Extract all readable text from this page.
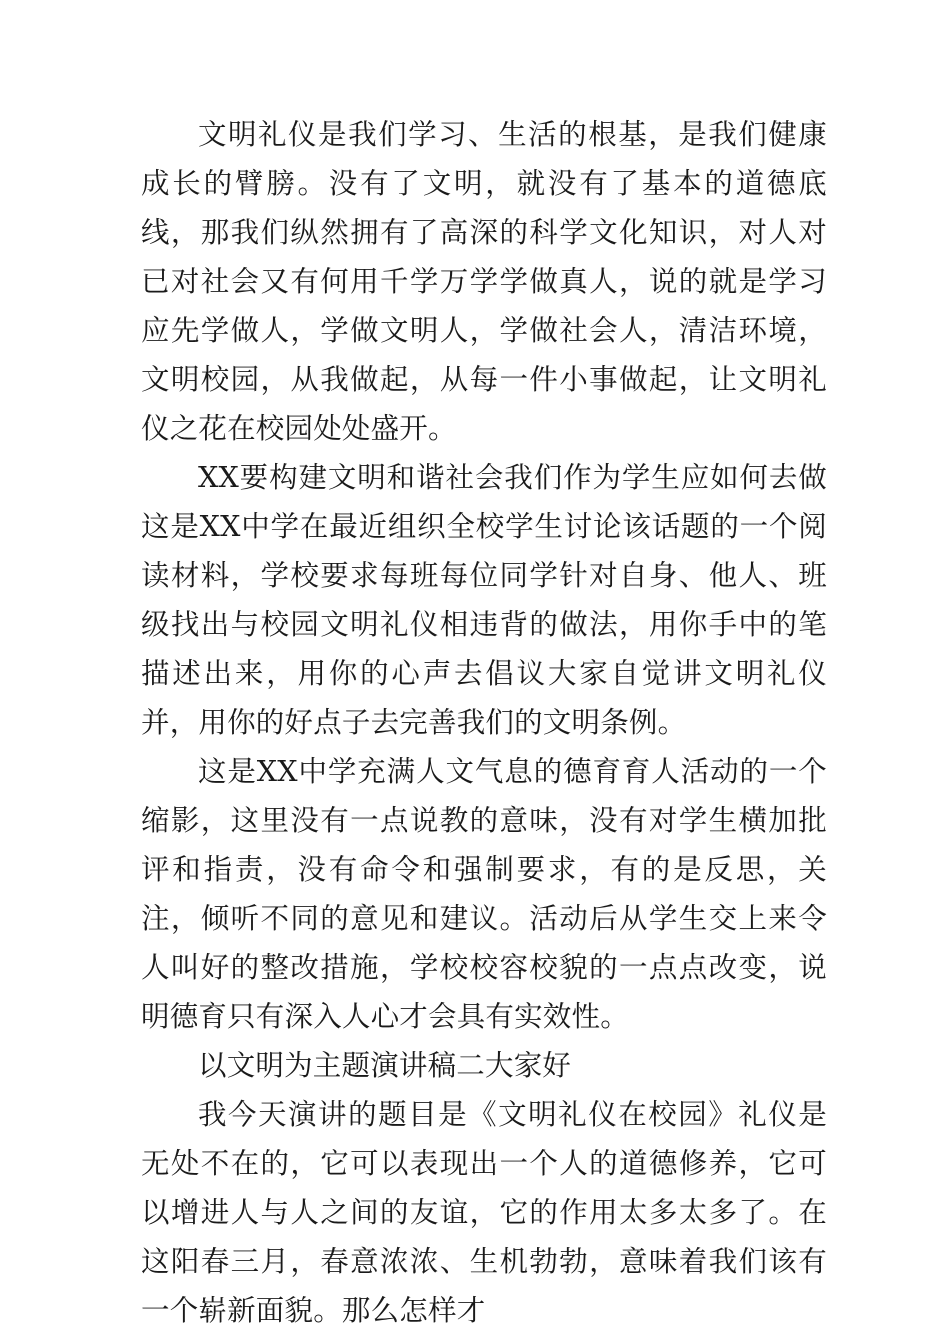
文明礼仪是我们学习、生活的根基，是我们健康成长的臂膀。没有了文明，就没有了基本的道德底线，那我们纵然拥有了高深的科学文化知识，对人对已对社会又有何用千学万学学做真人，说的就是学习应先学做人，学做文明人，学做社会人，清洁环境，文明校园，从我做起，从每一件小事做起，让文明礼仪之花在校园处处盛开。

XX要构建文明和谐社会我们作为学生应如何去做这是XX中学在最近组织全校学生讨论该话题的一个阅读材料，学校要求每班每位同学针对自身、他人、班级找出与校园文明礼仪相违背的做法，用你手中的笔描述出来，用你的心声去倡议大家自觉讲文明礼仪并，用你的好点子去完善我们的文明条例。

这是XX中学充满人文气息的德育育人活动的一个缩影，这里没有一点说教的意味，没有对学生横加批评和指责，没有命令和强制要求，有的是反思，关注，倾听不同的意见和建议。活动后从学生交上来令人叫好的整改措施，学校校容校貌的一点点改变，说明德育只有深入人心才会具有实效性。

以文明为主题演讲稿二大家好

我今天演讲的题目是《文明礼仪在校园》礼仪是无处不在的，它可以表现出一个人的道德修养，它可以增进人与人之间的友谊，它的作用太多太多了。在这阳春三月，春意浓浓、生机勃勃，意味着我们该有一个崭新面貌。那么怎样才
